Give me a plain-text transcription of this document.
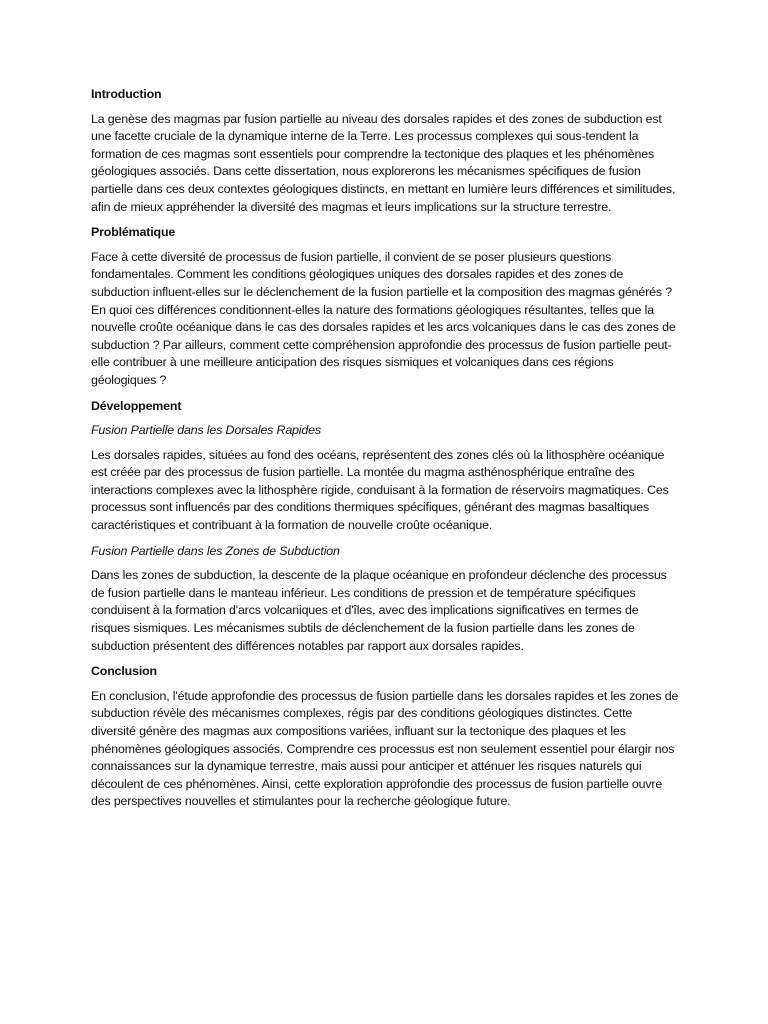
Introduction
La genèse des magmas par fusion partielle au niveau des dorsales rapides et des zones de subduction est une facette cruciale de la dynamique interne de la Terre. Les processus complexes qui sous-tendent la formation de ces magmas sont essentiels pour comprendre la tectonique des plaques et les phénomènes géologiques associés. Dans cette dissertation, nous explorerons les mécanismes spécifiques de fusion partielle dans ces deux contextes géologiques distincts, en mettant en lumière leurs différences et similitudes, afin de mieux appréhender la diversité des magmas et leurs implications sur la structure terrestre.
Problématique
Face à cette diversité de processus de fusion partielle, il convient de se poser plusieurs questions fondamentales. Comment les conditions géologiques uniques des dorsales rapides et des zones de subduction influent-elles sur le déclenchement de la fusion partielle et la composition des magmas générés ? En quoi ces différences conditionnent-elles la nature des formations géologiques résultantes, telles que la nouvelle croûte océanique dans le cas des dorsales rapides et les arcs volcaniques dans le cas des zones de subduction ? Par ailleurs, comment cette compréhension approfondie des processus de fusion partielle peut-elle contribuer à une meilleure anticipation des risques sismiques et volcaniques dans ces régions géologiques ?
Développement
Fusion Partielle dans les Dorsales Rapides
Les dorsales rapides, situées au fond des océans, représentent des zones clés où la lithosphère océanique est créée par des processus de fusion partielle. La montée du magma asthénosphérique entraîne des interactions complexes avec la lithosphère rigide, conduisant à la formation de réservoirs magmatiques. Ces processus sont influencés par des conditions thermiques spécifiques, générant des magmas basaltiques caractéristiques et contribuant à la formation de nouvelle croûte océanique.
Fusion Partielle dans les Zones de Subduction
Dans les zones de subduction, la descente de la plaque océanique en profondeur déclenche des processus de fusion partielle dans le manteau inférieur. Les conditions de pression et de température spécifiques conduisent à la formation d'arcs volcaniques et d'îles, avec des implications significatives en termes de risques sismiques. Les mécanismes subtils de déclenchement de la fusion partielle dans les zones de subduction présentent des différences notables par rapport aux dorsales rapides.
Conclusion
En conclusion, l'étude approfondie des processus de fusion partielle dans les dorsales rapides et les zones de subduction révèle des mécanismes complexes, régis par des conditions géologiques distinctes. Cette diversité génère des magmas aux compositions variées, influant sur la tectonique des plaques et les phénomènes géologiques associés. Comprendre ces processus est non seulement essentiel pour élargir nos connaissances sur la dynamique terrestre, mais aussi pour anticiper et atténuer les risques naturels qui découlent de ces phénomènes. Ainsi, cette exploration approfondie des processus de fusion partielle ouvre des perspectives nouvelles et stimulantes pour la recherche géologique future.
